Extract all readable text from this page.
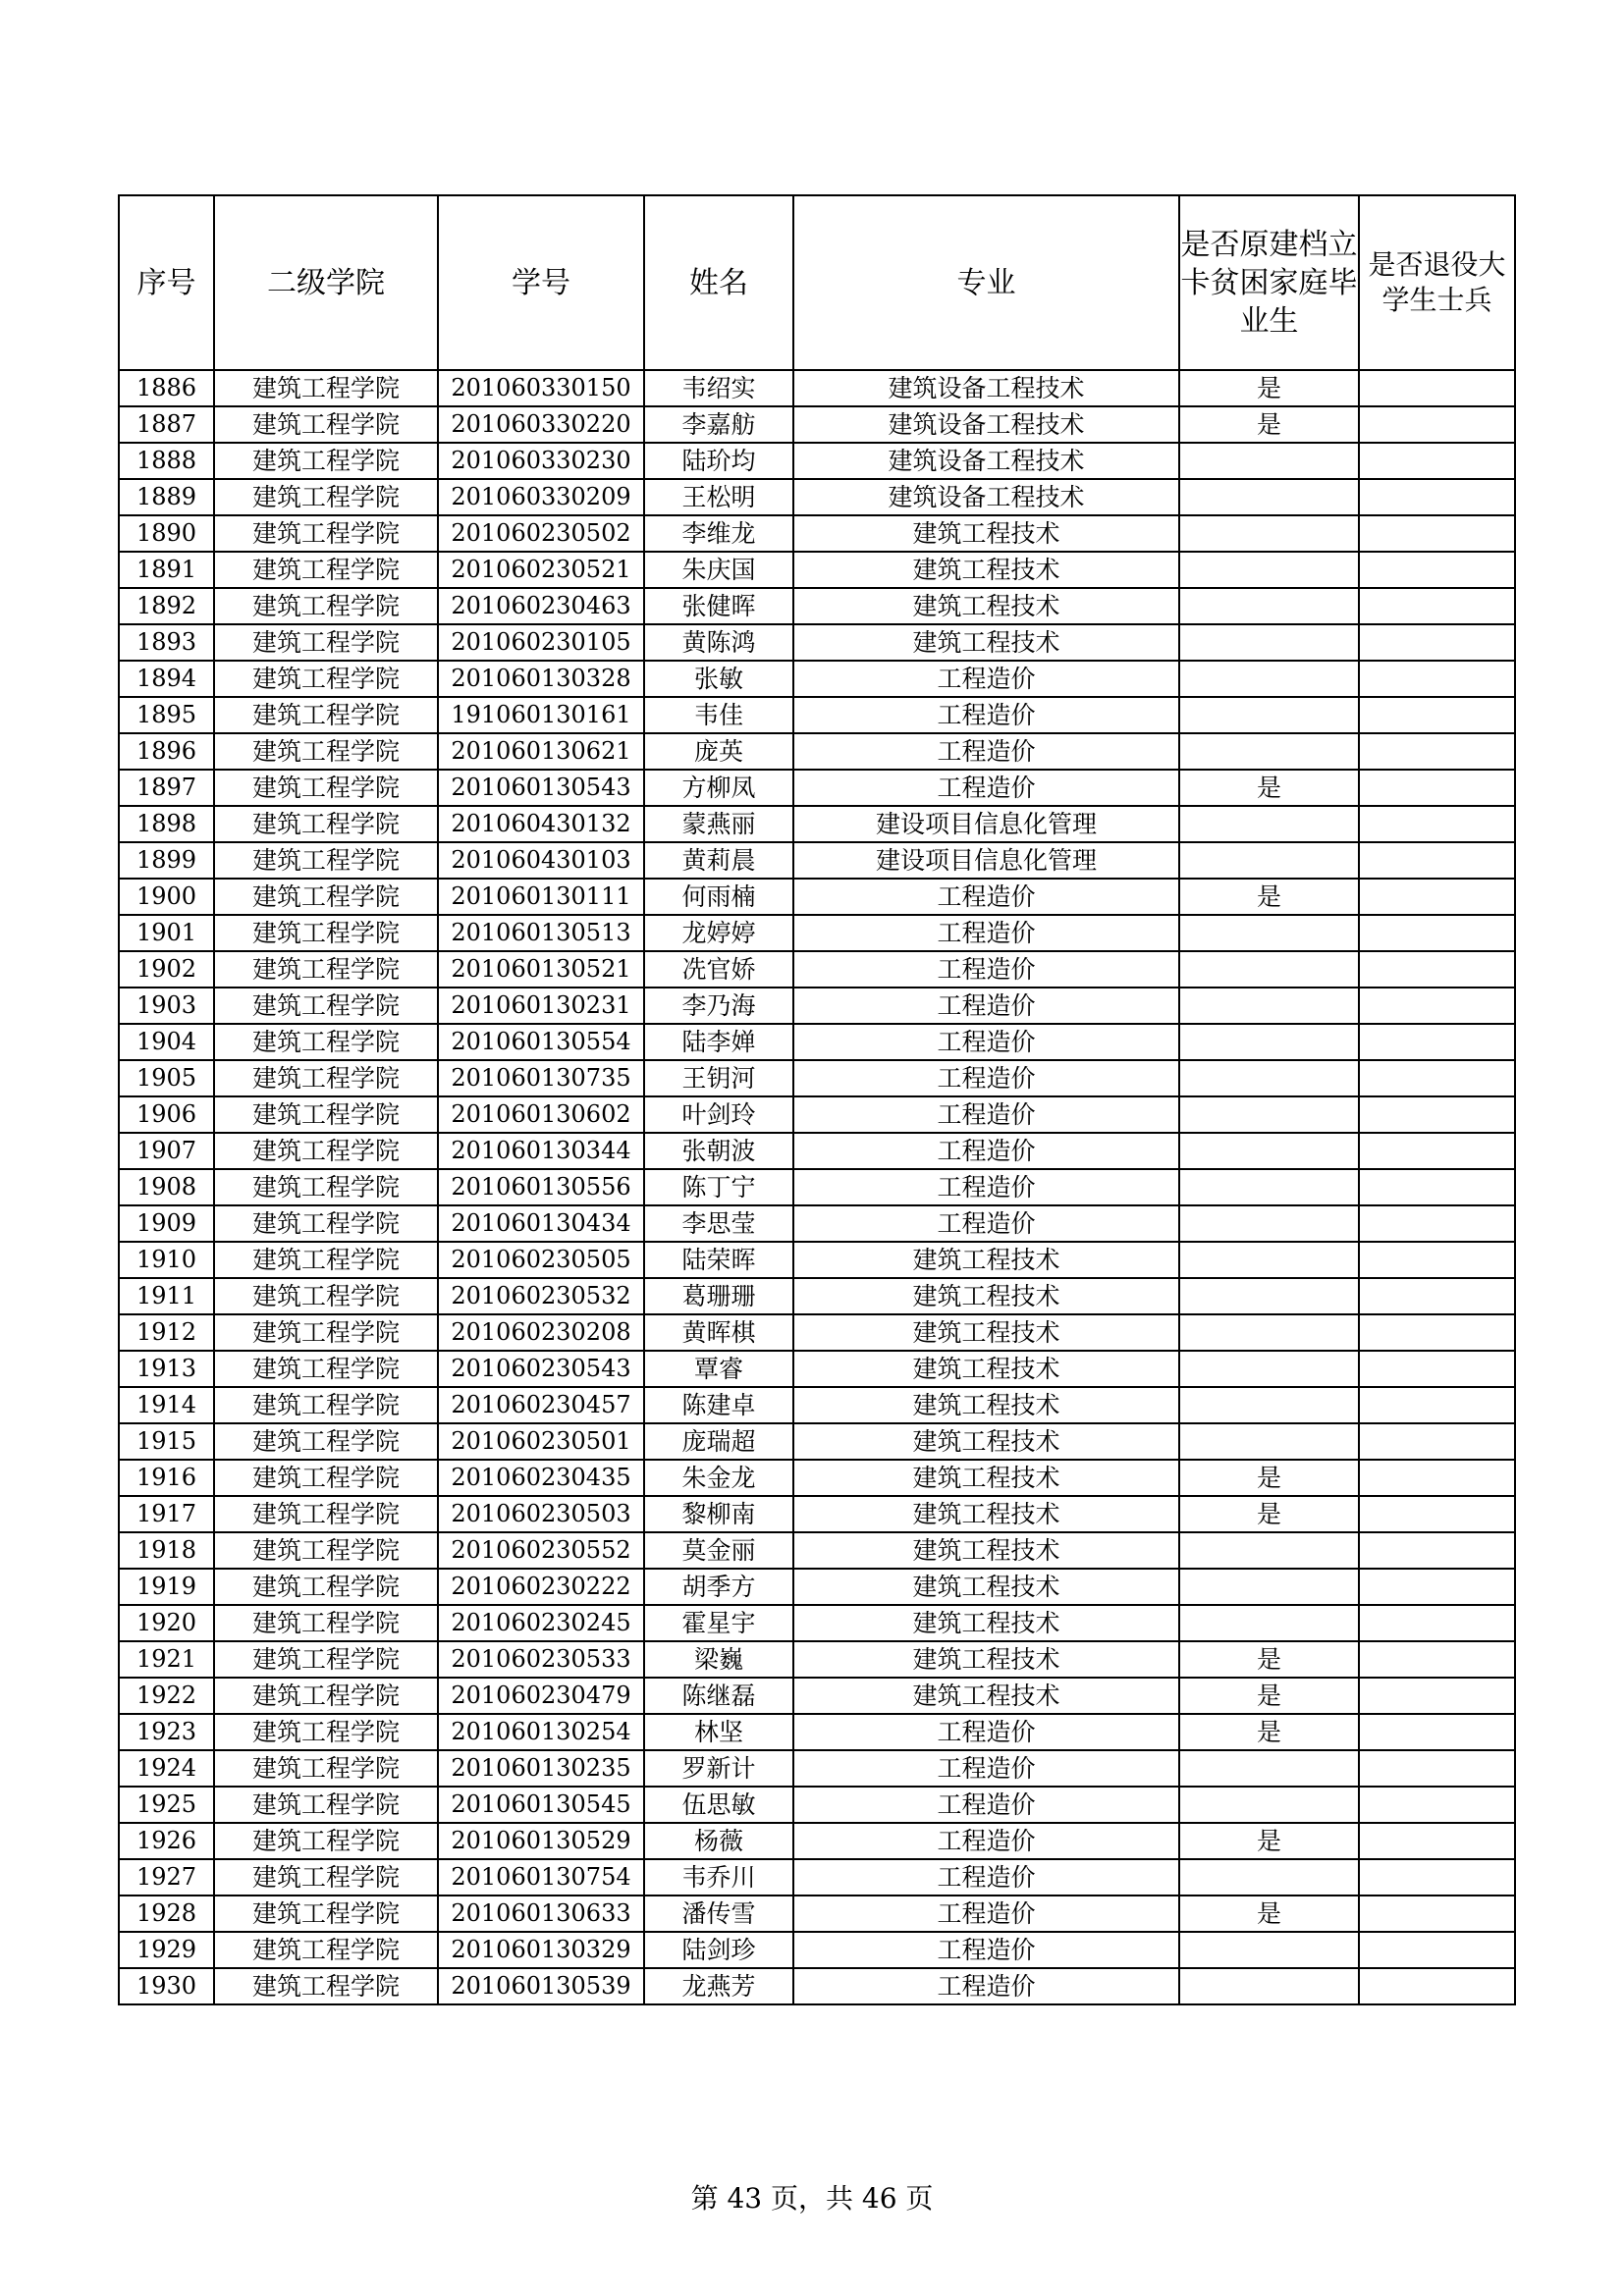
序号	二级学院	学号	姓名	专业	是否原建档立卡贫困家庭毕业生	是否退役大学生士兵
1886	建筑工程学院	201060330150	韦绍实	建筑设备工程技术	是	
1887	建筑工程学院	201060330220	李嘉舫	建筑设备工程技术	是	
1888	建筑工程学院	201060330230	陆玠均	建筑设备工程技术		
1889	建筑工程学院	201060330209	王松明	建筑设备工程技术		
1890	建筑工程学院	201060230502	李维龙	建筑工程技术		
1891	建筑工程学院	201060230521	朱庆国	建筑工程技术		
1892	建筑工程学院	201060230463	张健晖	建筑工程技术		
1893	建筑工程学院	201060230105	黄陈鸿	建筑工程技术		
1894	建筑工程学院	201060130328	张敏	工程造价		
1895	建筑工程学院	191060130161	韦佳	工程造价		
1896	建筑工程学院	201060130621	庞英	工程造价		
1897	建筑工程学院	201060130543	方柳凤	工程造价	是	
1898	建筑工程学院	201060430132	蒙燕丽	建设项目信息化管理		
1899	建筑工程学院	201060430103	黄莉晨	建设项目信息化管理		
1900	建筑工程学院	201060130111	何雨楠	工程造价	是	
1901	建筑工程学院	201060130513	龙婷婷	工程造价		
1902	建筑工程学院	201060130521	冼官娇	工程造价		
1903	建筑工程学院	201060130231	李乃海	工程造价		
1904	建筑工程学院	201060130554	陆李婵	工程造价		
1905	建筑工程学院	201060130735	王钥河	工程造价		
1906	建筑工程学院	201060130602	叶剑玲	工程造价		
1907	建筑工程学院	201060130344	张朝波	工程造价		
1908	建筑工程学院	201060130556	陈丁宁	工程造价		
1909	建筑工程学院	201060130434	李思莹	工程造价		
1910	建筑工程学院	201060230505	陆荣晖	建筑工程技术		
1911	建筑工程学院	201060230532	葛珊珊	建筑工程技术		
1912	建筑工程学院	201060230208	黄晖棋	建筑工程技术		
1913	建筑工程学院	201060230543	覃睿	建筑工程技术		
1914	建筑工程学院	201060230457	陈建卓	建筑工程技术		
1915	建筑工程学院	201060230501	庞瑞超	建筑工程技术		
1916	建筑工程学院	201060230435	朱金龙	建筑工程技术	是	
1917	建筑工程学院	201060230503	黎柳南	建筑工程技术	是	
1918	建筑工程学院	201060230552	莫金丽	建筑工程技术		
1919	建筑工程学院	201060230222	胡季方	建筑工程技术		
1920	建筑工程学院	201060230245	霍星宇	建筑工程技术		
1921	建筑工程学院	201060230533	梁巍	建筑工程技术	是	
1922	建筑工程学院	201060230479	陈继磊	建筑工程技术	是	
1923	建筑工程学院	201060130254	林坚	工程造价	是	
1924	建筑工程学院	201060130235	罗新计	工程造价		
1925	建筑工程学院	201060130545	伍思敏	工程造价		
1926	建筑工程学院	201060130529	杨薇	工程造价	是	
1927	建筑工程学院	201060130754	韦乔川	工程造价		
1928	建筑工程学院	201060130633	潘传雪	工程造价	是	
1929	建筑工程学院	201060130329	陆剑珍	工程造价		
1930	建筑工程学院	201060130539	龙燕芳	工程造价		
第 43 页，共 46 页
